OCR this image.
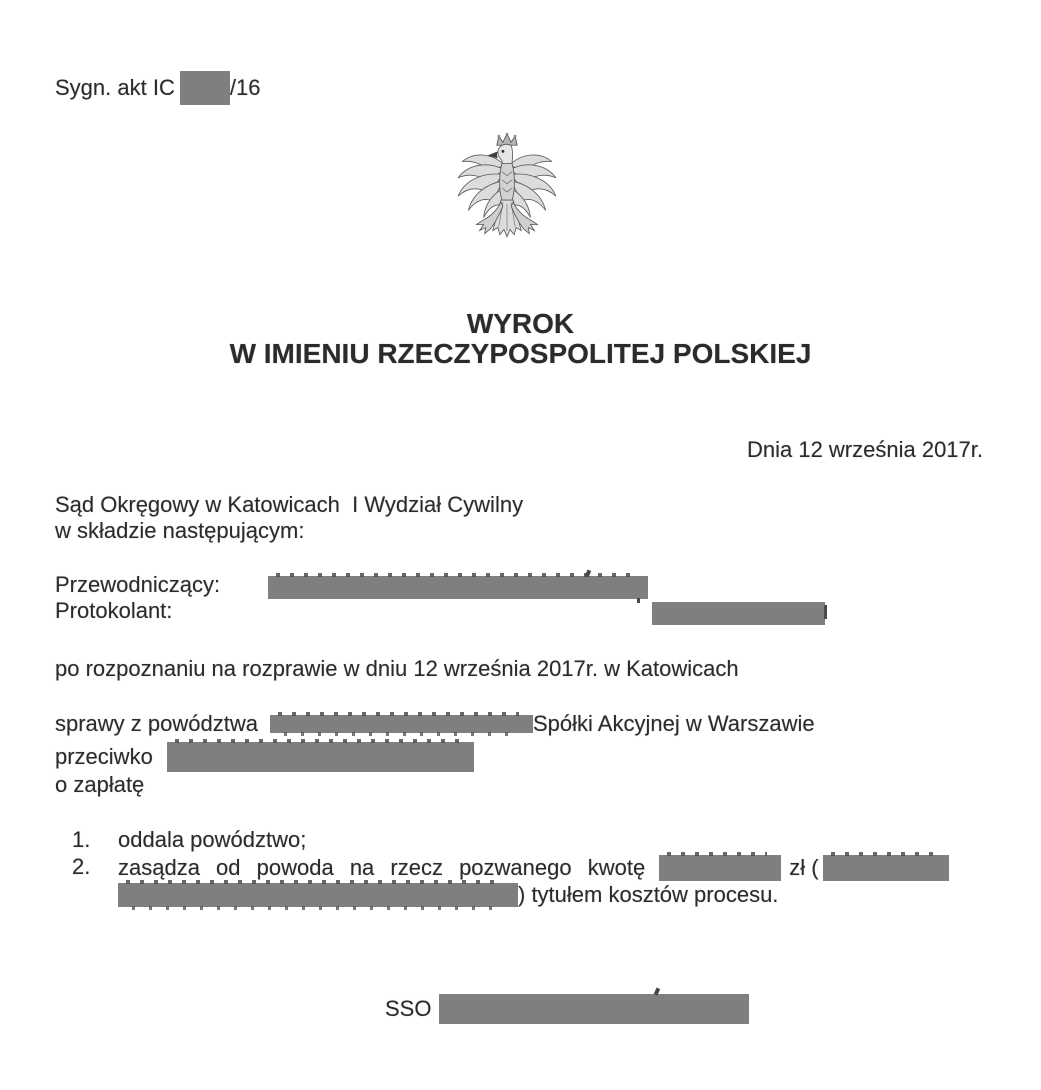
Sygn. akt IC	/16
WYROK
W IMIENIU RZECZYPOSPOLITEJ POLSKIEJ
Dnia 12 września 2017r.
Sąd Okręgowy w Katowicach  I Wydział Cywilny
w składzie następującym:
Przewodniczący:

Protokolant:
po rozpoznaniu na rozprawie w dniu 12 września 2017r. w Katowicach
sprawy z powództwa	Spółki Akcyjnej w Warszawie
przeciwko
o zapłatę
1.	oddala powództwo;
2.	zasądza od powoda na rzecz pozwanego kwotę	zł (
) tytułem kosztów procesu.
SSO
